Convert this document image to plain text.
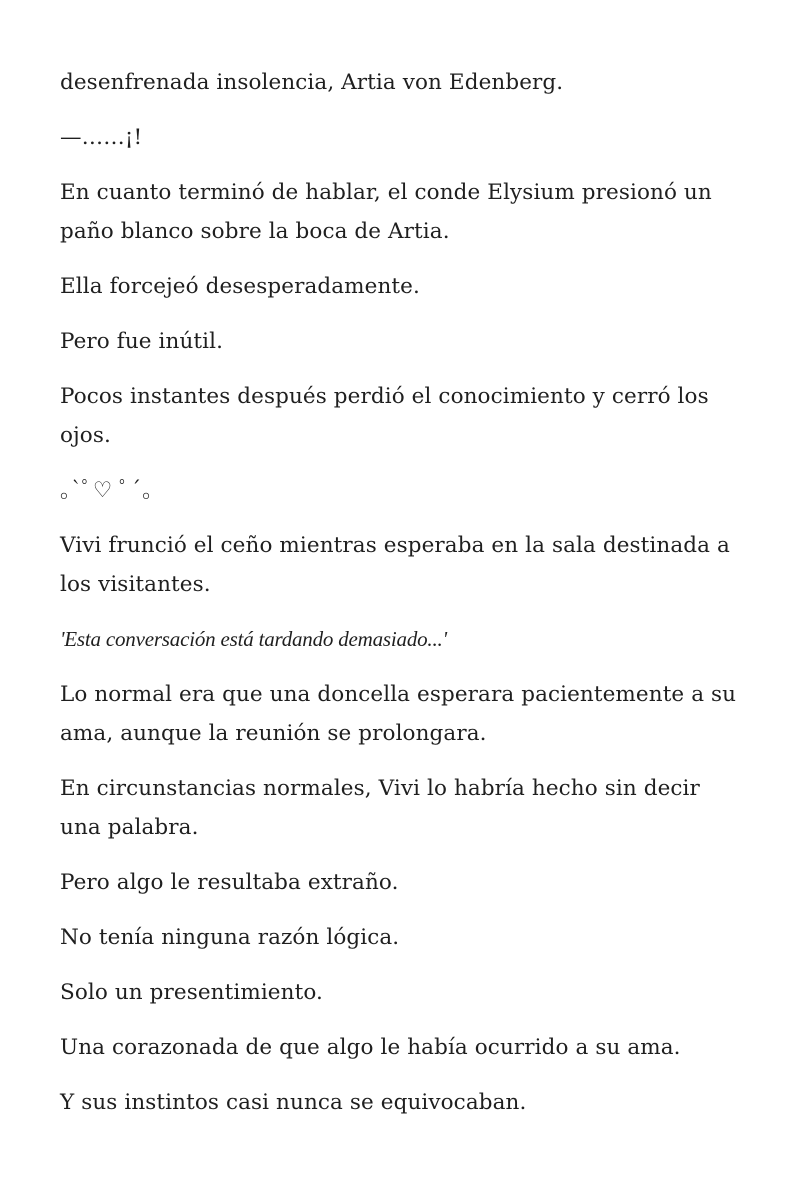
desenfrenada insolencia, Artia von Edenberg.

—……¡!

En cuanto terminó de hablar, el conde Elysium presionó un paño blanco sobre la boca de Artia.

Ella forcejeó desesperadamente.

Pero fue inútil.

Pocos instantes después perdió el conocimiento y cerró los ojos.

｡`ﾟ♡ ﾟ´｡

Vivi frunció el ceño mientras esperaba en la sala destinada a los visitantes.

'Esta conversación está tardando demasiado...'

Lo normal era que una doncella esperara pacientemente a su ama, aunque la reunión se prolongara.

En circunstancias normales, Vivi lo habría hecho sin decir una palabra.

Pero algo le resultaba extraño.

No tenía ninguna razón lógica.

Solo un presentimiento.

Una corazonada de que algo le había ocurrido a su ama.

Y sus instintos casi nunca se equivocaban.
